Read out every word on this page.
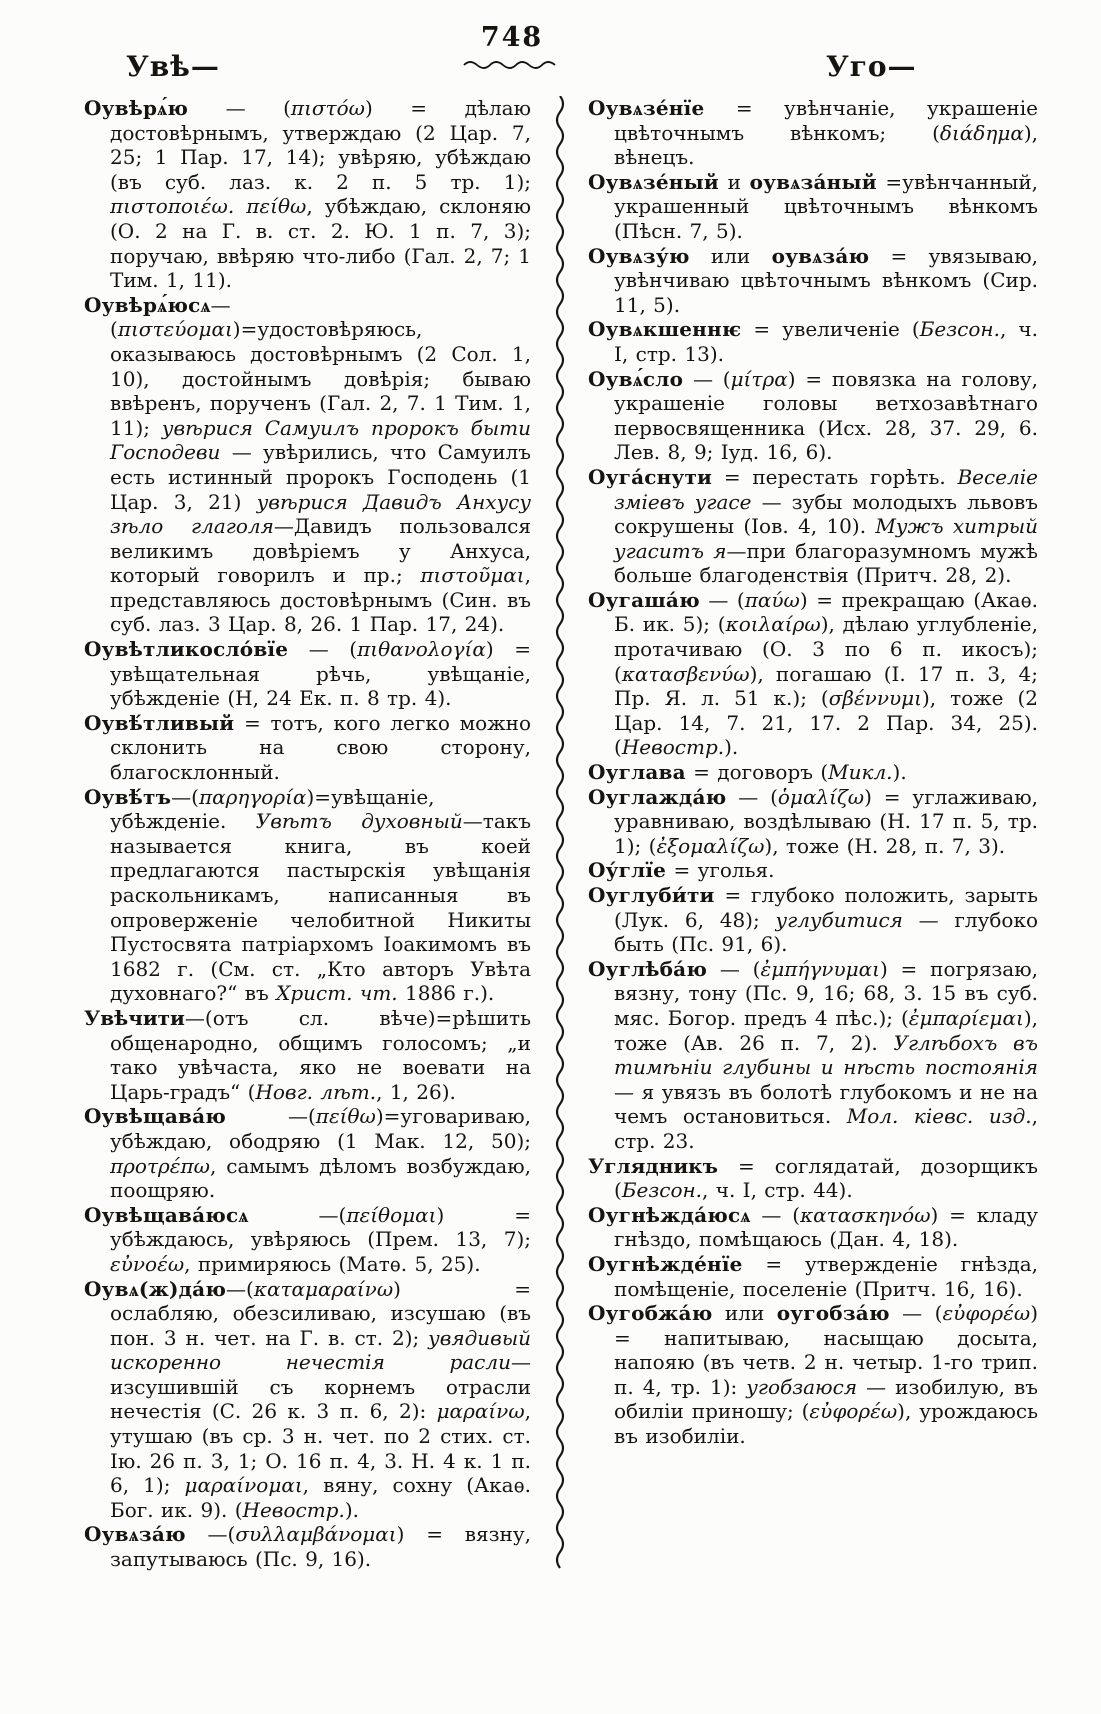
Увѣ—
748
Уго—

Оувѣрѧ́ю — (πιστόω) = дѣлаю достовѣрнымъ, утверждаю (2 Цар. 7, 25; 1 Пар. 17, 14); увѣряю, убѣждаю (въ суб. лаз. к. 2 п. 5 тр. 1); πιστοποιέω. πείθω, убѣждаю, склоняю (О. 2 на Г. в. ст. 2. Ю. 1 п. 7, 3); поручаю, ввѣряю что-либо (Гал. 2, 7; 1 Тим. 1, 11).

Оувѣрѧ́юсѧ—(πιστεύομαι)=удостовѣряюсь, оказываюсь достовѣрнымъ (2 Сол. 1, 10), достойнымъ довѣрія; бываю ввѣренъ, порученъ (Гал. 2, 7. 1 Тим. 1, 11); увѣрися Самуилъ пророкъ быти Господеви — увѣрились, что Самуилъ есть истинный пророкъ Господень (1 Цар. 3, 21) увѣрися Давидъ Анхусу зѣло глаголя—Давидъ пользовался великимъ довѣріемъ у Анхуса, который говорилъ и пр.; πιστοῦμαι, представляюсь достовѣрнымъ (Син. въ суб. лаз. 3 Цар. 8, 26. 1 Пар. 17, 24).

Оувѣтликосло́вїе — (πιθανολογία) = увѣщательная рѣчь, увѣщаніе, убѣжденіе (Н, 24 Ек. п. 8 тр. 4).

Оувѣ́тливый = тотъ, кого легко можно склонить на свою сторону, благосклонный.

Оувѣ́тъ—(παρηγορία)=увѣщаніе, убѣжденіе. Увѣтъ духовный—такъ называется книга, въ коей предлагаются пастырскія увѣщанія раскольникамъ, написанныя въ опроверженіе челобитной Никиты Пустосвята патріархомъ Іоакимомъ въ 1682 г. (См. ст. „Кто авторъ Увѣта духовнаго?“ въ Христ. чт. 1886 г.).

Увѣчити—(отъ сл. вѣче)=рѣшить общенародно, общимъ голосомъ; „и тако увѣчаста, яко не воевати на Царь-градъ“ (Новг. лѣт., 1, 26).

Оувѣщава́ю —(πείθω)=уговариваю, убѣждаю, ободряю (1 Мак. 12, 50); προτρέπω, самымъ дѣломъ возбуждаю, поощряю.

Оувѣщава́юсѧ —(πείθομαι) = убѣждаюсь, увѣряюсь (Прем. 13, 7); εὐνοέω, примиряюсь (Матѳ. 5, 25).

Оувѧ(ж)да́ю—(καταμαραίνω) = ослабляю, обезсиливаю, изсушаю (въ пон. 3 н. чет. на Г. в. ст. 2); увядивый искоренно нечестія расли—изсушившій съ корнемъ отрасли нечестія (С. 26 к. 3 п. 6, 2): μαραίνω, утушаю (въ ср. 3 н. чет. по 2 стих. ст. Ію. 26 п. 3, 1; О. 16 п. 4, 3. Н. 4 к. 1 п. 6, 1); μαραίνομαι, вяну, сохну (Акаѳ. Бог. ик. 9). (Невостр.).

Оувѧза́ю —(συλλαμβάνομαι) = вязну, запутываюсь (Пс. 9, 16).

Оувѧзе́нїе = увѣнчаніе, украшеніе цвѣточнымъ вѣнкомъ; (διάδημα), вѣнецъ.

Оувѧзе́ный и оувѧза́ный =увѣнчанный, украшенный цвѣточнымъ вѣнкомъ (Пѣсн. 7, 5).

Оувѧзу́ю или оувѧза́ю = увязываю, увѣнчиваю цвѣточнымъ вѣнкомъ (Сир. 11, 5).

Оувѧкшеннѥ = увеличеніе (Безсон., ч. I, стр. 13).

Оувѧ́сло — (μίτρα) = повязка на голову, украшеніе головы ветхозавѣтнаго первосвященника (Исх. 28, 37. 29, 6. Лев. 8, 9; Іуд. 16, 6).

Оуга́снути = перестать горѣть. Веселіе зміевъ угасе — зубы молодыхъ львовъ сокрушены (Іов. 4, 10). Мужъ хитрый угаситъ я—при благоразумномъ мужѣ больше благоденствія (Притч. 28, 2).

Оугаша́ю — (παύω) = прекращаю (Акаѳ. Б. ик. 5); (κοιλαίρω), дѣлаю углубленіе, протачиваю (О. 3 по 6 п. икосъ); (κατασβενύω), погашаю (І. 17 п. 3, 4; Пр. Я. л. 51 к.); (σβέννυμι), тоже (2 Цар. 14, 7. 21, 17. 2 Пар. 34, 25). (Невостр.).

Оуглава = договоръ (Микл.).

Оуглажда́ю — (ὁμαλίζω) = углаживаю, уравниваю, воздѣлываю (Н. 17 п. 5, тр. 1); (ἐξομαλίζω), тоже (Н. 28, п. 7, 3).

Оу́глїе = уголья.

Оуглуби́ти = глубоко положить, зарыть (Лук. 6, 48); углубитися — глубоко быть (Пс. 91, 6).

Оуглѣба́ю — (ἐμπήγνυμαι) = погрязаю, вязну, тону (Пс. 9, 16; 68, 3. 15 въ суб. мяс. Богор. предъ 4 пѣс.); (ἐμπαρίεμαι), тоже (Ав. 26 п. 7, 2). Углѣбохъ въ тимѣніи глубины и нѣсть постоянія — я увязъ въ болотѣ глубокомъ и не на чемъ остановиться. Мол. кіевс. изд., стр. 23.

Углядникъ = соглядатай, дозорщикъ (Безсон., ч. I, стр. 44).

Оугнѣжда́юсѧ — (κατασκηνόω) = кладу гнѣздо, помѣщаюсь (Дан. 4, 18).

Оугнѣжде́нїе = утвержденіе гнѣзда, помѣщеніе, поселеніе (Притч. 16, 16).

Оугобжа́ю или оугобза́ю — (εὐφορέω) = напитываю, насыщаю досыта, напояю (въ четв. 2 н. четыр. 1-го трип. п. 4, тр. 1): угобзаюся — изобилую, въ обиліи приношу; (εὐφορέω), урождаюсь въ изобиліи.
